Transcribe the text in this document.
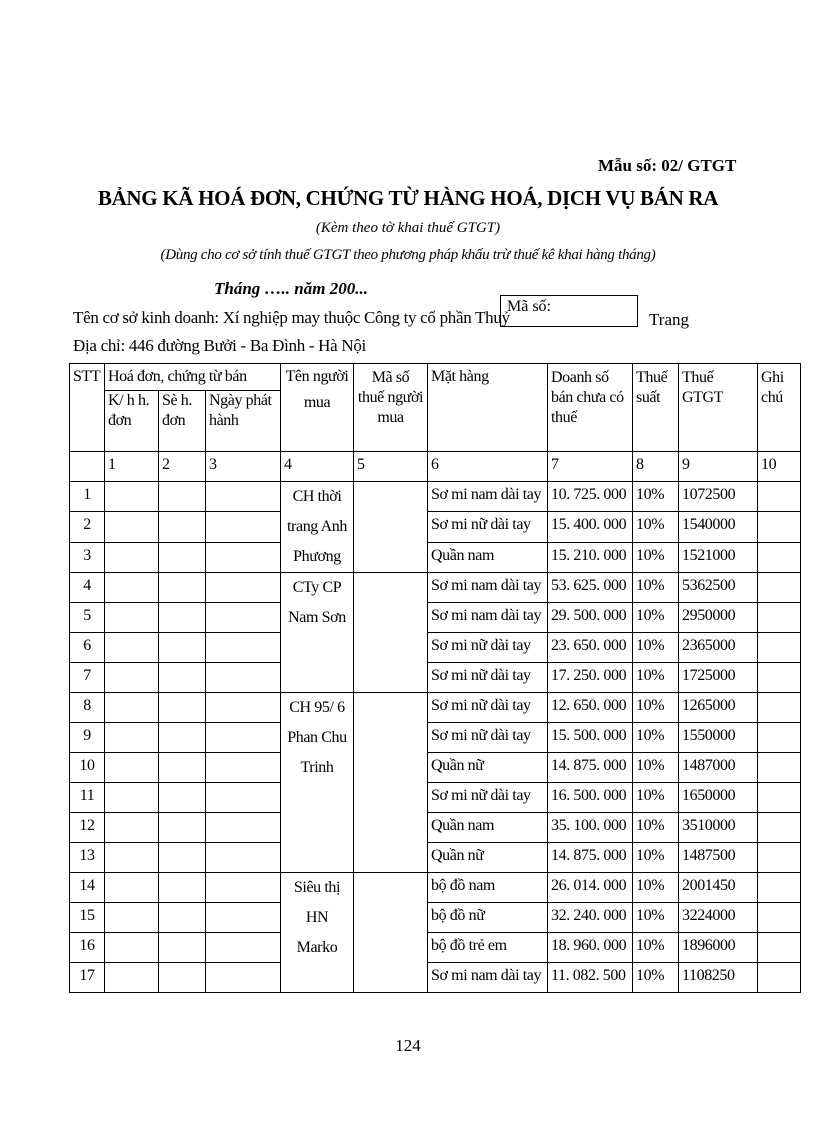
Mẫu số: 02/ GTGT
BẢNG KÃ HOÁ ĐƠN, CHỨNG TỪ HÀNG HOÁ, DỊCH VỤ BÁN RA
(Kèm theo tờ khai thuế GTGT)
(Dùng cho cơ sở tính thuế GTGT theo phương pháp khấu trừ thuế kê khai hàng tháng)
Tháng ….. năm 200...
Tên cơ sở kinh doanh: Xí nghiệp may thuộc Công ty cổ phần Thuỷ
Mã số:
Trang
Địa chỉ: 446 đường Bưởi - Ba Đình - Hà Nội
STT	Hoá đơn, chứng từ bán			Tên người mua	Mã số thuế người mua	Mặt hàng	Doanh số bán chưa có thuế	Thuế suất	Thuế GTGT	Ghi chú
	K/ h h. đơn	Sè h. đơn	Ngày phát hành							
	1	2	3	4	5	6	7	8	9	10
1				CH thời trang Anh Phương		Sơ mi nam dài tay	10. 725. 000	10%	1072500	
2						Sơ mi nữ dài tay	15. 400. 000	10%	1540000	
3						Quần nam	15. 210. 000	10%	1521000	
4				CTy CP Nam Sơn		Sơ mi nam dài tay	53. 625. 000	10%	5362500	
5						Sơ mi nam dài tay	29. 500. 000	10%	2950000	
6						Sơ mi nữ dài tay	23. 650. 000	10%	2365000	
7						Sơ mi nữ dài tay	17. 250. 000	10%	1725000	
8				CH 95/ 6 Phan Chu Trinh		Sơ mi nữ dài tay	12. 650. 000	10%	1265000	
9						Sơ mi nữ dài tay	15. 500. 000	10%	1550000	
10						Quần nữ	14. 875. 000	10%	1487000	
11						Sơ mi nữ dài tay	16. 500. 000	10%	1650000	
12						Quần nam	35. 100. 000	10%	3510000	
13						Quần nữ	14. 875. 000	10%	1487500	
14				Siêu thị HN Marko		bộ đồ nam	26. 014. 000	10%	2001450	
15						bộ đồ nữ	32. 240. 000	10%	3224000	
16						bộ đồ trẻ em	18. 960. 000	10%	1896000	
17						Sơ mi nam dài tay	11. 082. 500	10%	1108250	
124
